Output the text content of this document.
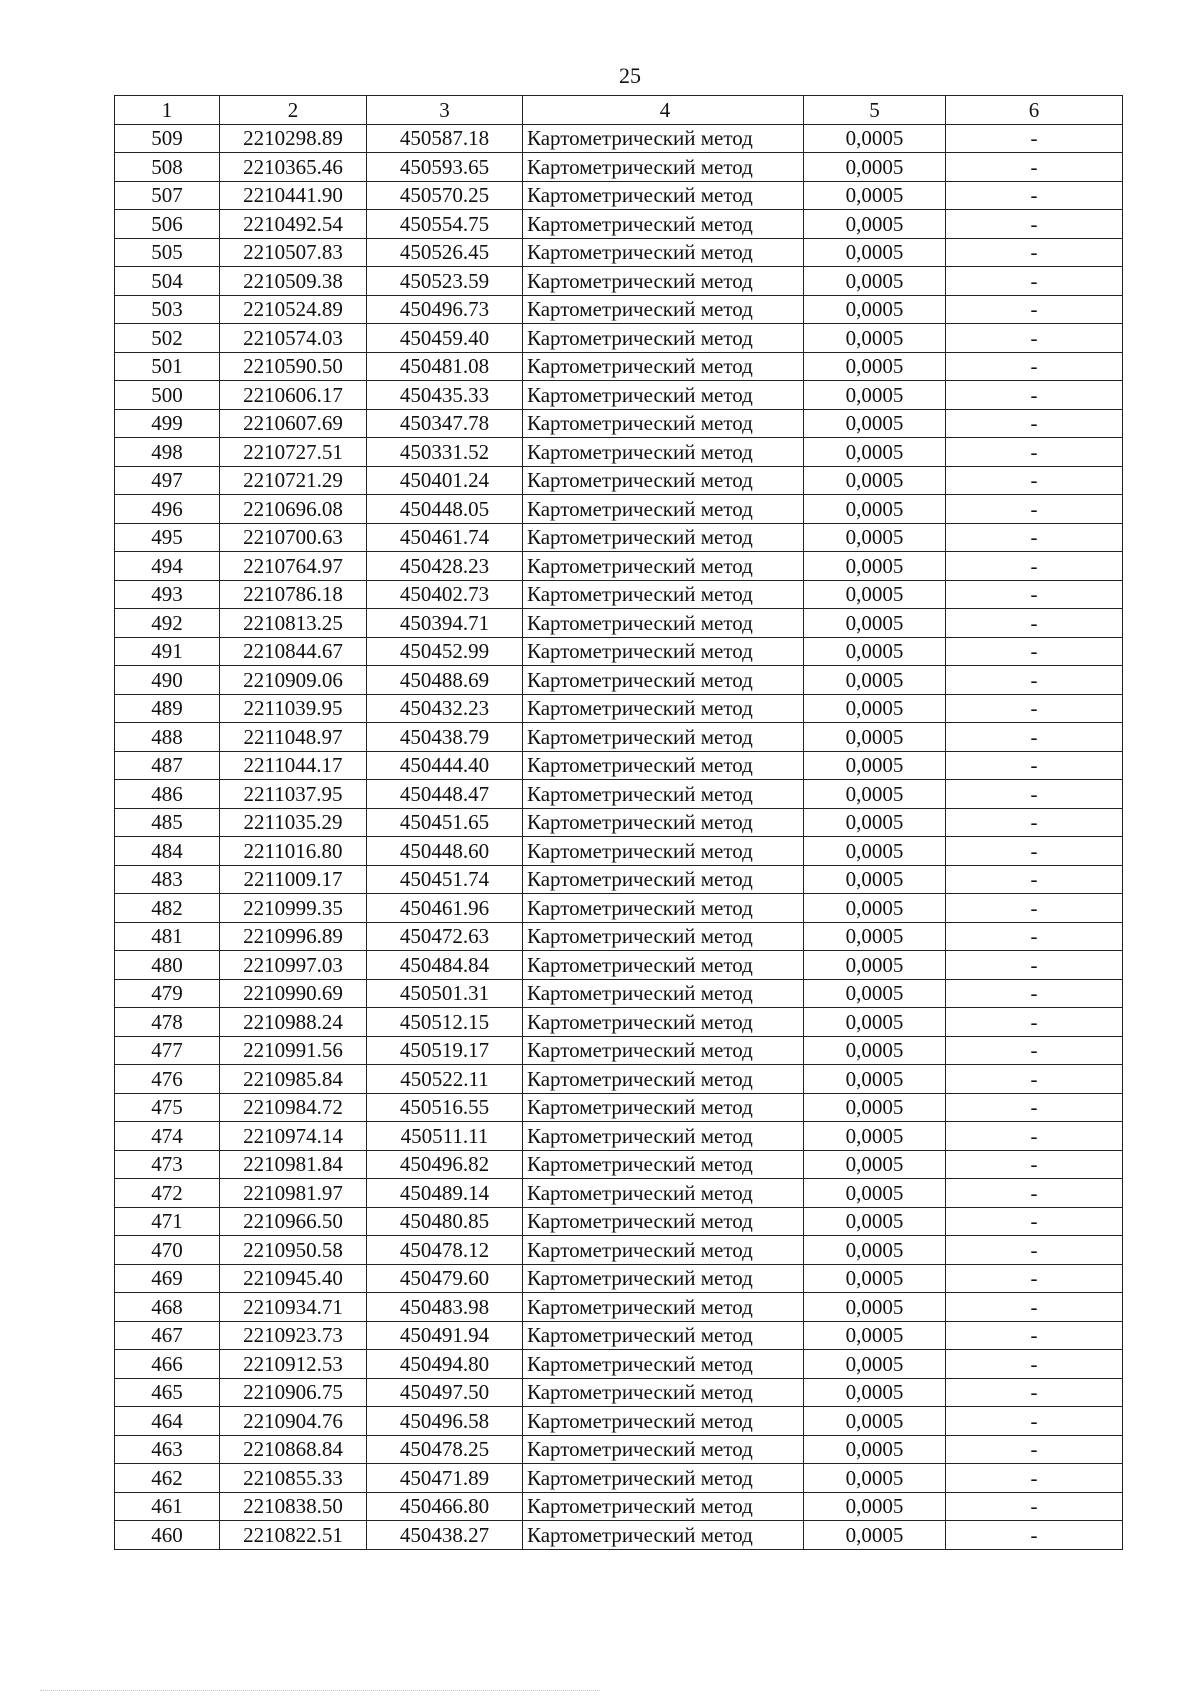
25
1	2	3	4	5	6
509	2210298.89	450587.18	Картометрический метод	0,0005	-
508	2210365.46	450593.65	Картометрический метод	0,0005	-
507	2210441.90	450570.25	Картометрический метод	0,0005	-
506	2210492.54	450554.75	Картометрический метод	0,0005	-
505	2210507.83	450526.45	Картометрический метод	0,0005	-
504	2210509.38	450523.59	Картометрический метод	0,0005	-
503	2210524.89	450496.73	Картометрический метод	0,0005	-
502	2210574.03	450459.40	Картометрический метод	0,0005	-
501	2210590.50	450481.08	Картометрический метод	0,0005	-
500	2210606.17	450435.33	Картометрический метод	0,0005	-
499	2210607.69	450347.78	Картометрический метод	0,0005	-
498	2210727.51	450331.52	Картометрический метод	0,0005	-
497	2210721.29	450401.24	Картометрический метод	0,0005	-
496	2210696.08	450448.05	Картометрический метод	0,0005	-
495	2210700.63	450461.74	Картометрический метод	0,0005	-
494	2210764.97	450428.23	Картометрический метод	0,0005	-
493	2210786.18	450402.73	Картометрический метод	0,0005	-
492	2210813.25	450394.71	Картометрический метод	0,0005	-
491	2210844.67	450452.99	Картометрический метод	0,0005	-
490	2210909.06	450488.69	Картометрический метод	0,0005	-
489	2211039.95	450432.23	Картометрический метод	0,0005	-
488	2211048.97	450438.79	Картометрический метод	0,0005	-
487	2211044.17	450444.40	Картометрический метод	0,0005	-
486	2211037.95	450448.47	Картометрический метод	0,0005	-
485	2211035.29	450451.65	Картометрический метод	0,0005	-
484	2211016.80	450448.60	Картометрический метод	0,0005	-
483	2211009.17	450451.74	Картометрический метод	0,0005	-
482	2210999.35	450461.96	Картометрический метод	0,0005	-
481	2210996.89	450472.63	Картометрический метод	0,0005	-
480	2210997.03	450484.84	Картометрический метод	0,0005	-
479	2210990.69	450501.31	Картометрический метод	0,0005	-
478	2210988.24	450512.15	Картометрический метод	0,0005	-
477	2210991.56	450519.17	Картометрический метод	0,0005	-
476	2210985.84	450522.11	Картометрический метод	0,0005	-
475	2210984.72	450516.55	Картометрический метод	0,0005	-
474	2210974.14	450511.11	Картометрический метод	0,0005	-
473	2210981.84	450496.82	Картометрический метод	0,0005	-
472	2210981.97	450489.14	Картометрический метод	0,0005	-
471	2210966.50	450480.85	Картометрический метод	0,0005	-
470	2210950.58	450478.12	Картометрический метод	0,0005	-
469	2210945.40	450479.60	Картометрический метод	0,0005	-
468	2210934.71	450483.98	Картометрический метод	0,0005	-
467	2210923.73	450491.94	Картометрический метод	0,0005	-
466	2210912.53	450494.80	Картометрический метод	0,0005	-
465	2210906.75	450497.50	Картометрический метод	0,0005	-
464	2210904.76	450496.58	Картометрический метод	0,0005	-
463	2210868.84	450478.25	Картометрический метод	0,0005	-
462	2210855.33	450471.89	Картометрический метод	0,0005	-
461	2210838.50	450466.80	Картометрический метод	0,0005	-
460	2210822.51	450438.27	Картометрический метод	0,0005	-
